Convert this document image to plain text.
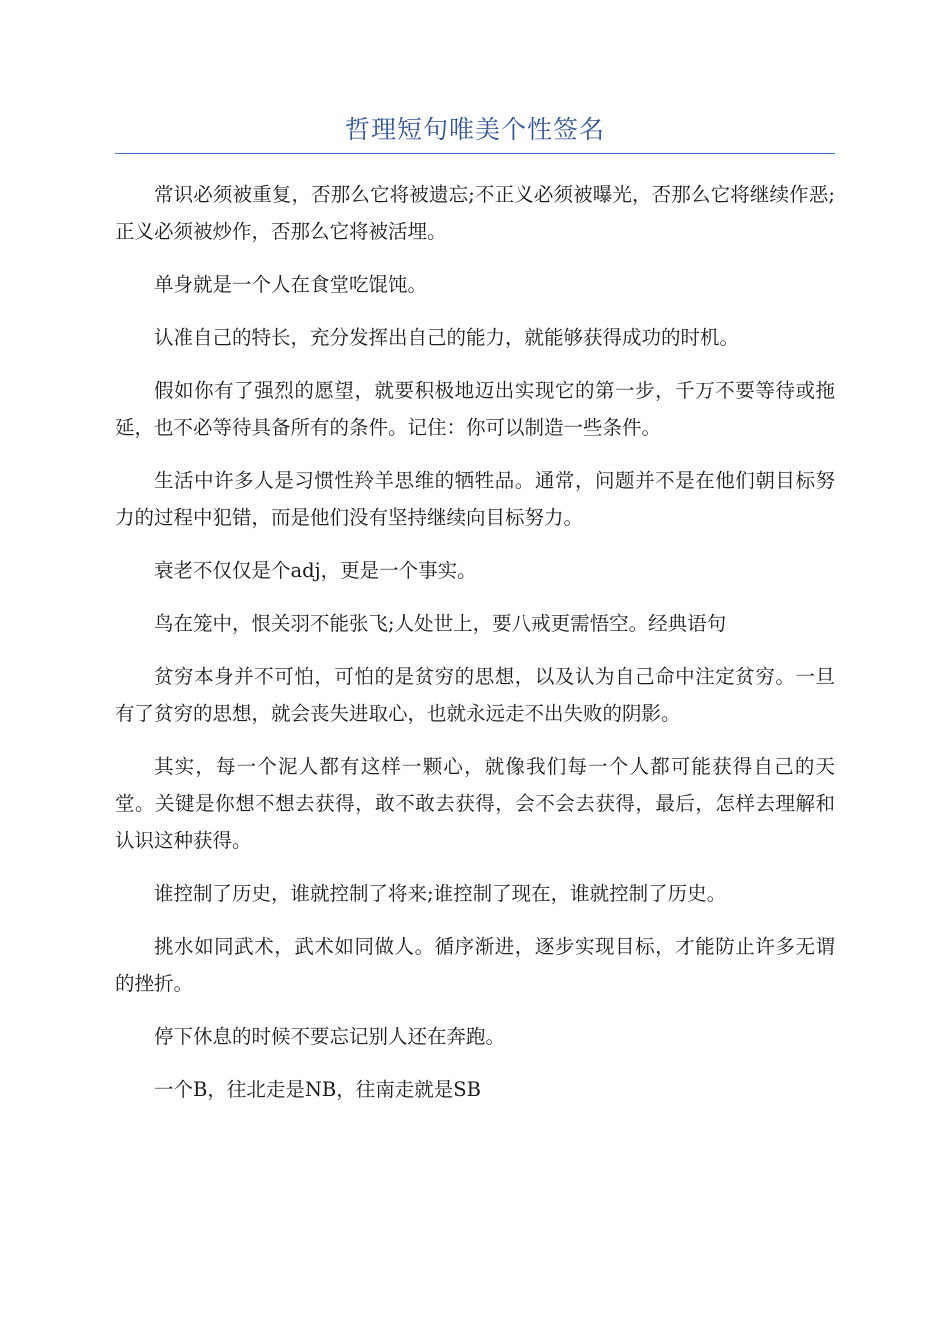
哲理短句唯美个性签名

常识必须被重复，否那么它将被遗忘;不正义必须被曝光，否那么它将继续作恶;正义必须被炒作，否那么它将被活埋。

单身就是一个人在食堂吃馄饨。

认准自己的特长，充分发挥出自己的能力，就能够获得成功的时机。

假如你有了强烈的愿望，就要积极地迈出实现它的第一步，千万不要等待或拖延，也不必等待具备所有的条件。记住：你可以制造一些条件。

生活中许多人是习惯性羚羊思维的牺牲品。通常，问题并不是在他们朝目标努力的过程中犯错，而是他们没有坚持继续向目标努力。

衰老不仅仅是个adj，更是一个事实。

鸟在笼中，恨关羽不能张飞;人处世上，要八戒更需悟空。经典语句

贫穷本身并不可怕，可怕的是贫穷的思想，以及认为自己命中注定贫穷。一旦有了贫穷的思想，就会丧失进取心，也就永远走不出失败的阴影。

其实，每一个泥人都有这样一颗心，就像我们每一个人都可能获得自己的天堂。关键是你想不想去获得，敢不敢去获得，会不会去获得，最后，怎样去理解和认识这种获得。

谁控制了历史，谁就控制了将来;谁控制了现在，谁就控制了历史。

挑水如同武术，武术如同做人。循序渐进，逐步实现目标，才能防止许多无谓的挫折。

停下休息的时候不要忘记别人还在奔跑。

一个B，往北走是NB，往南走就是SB
